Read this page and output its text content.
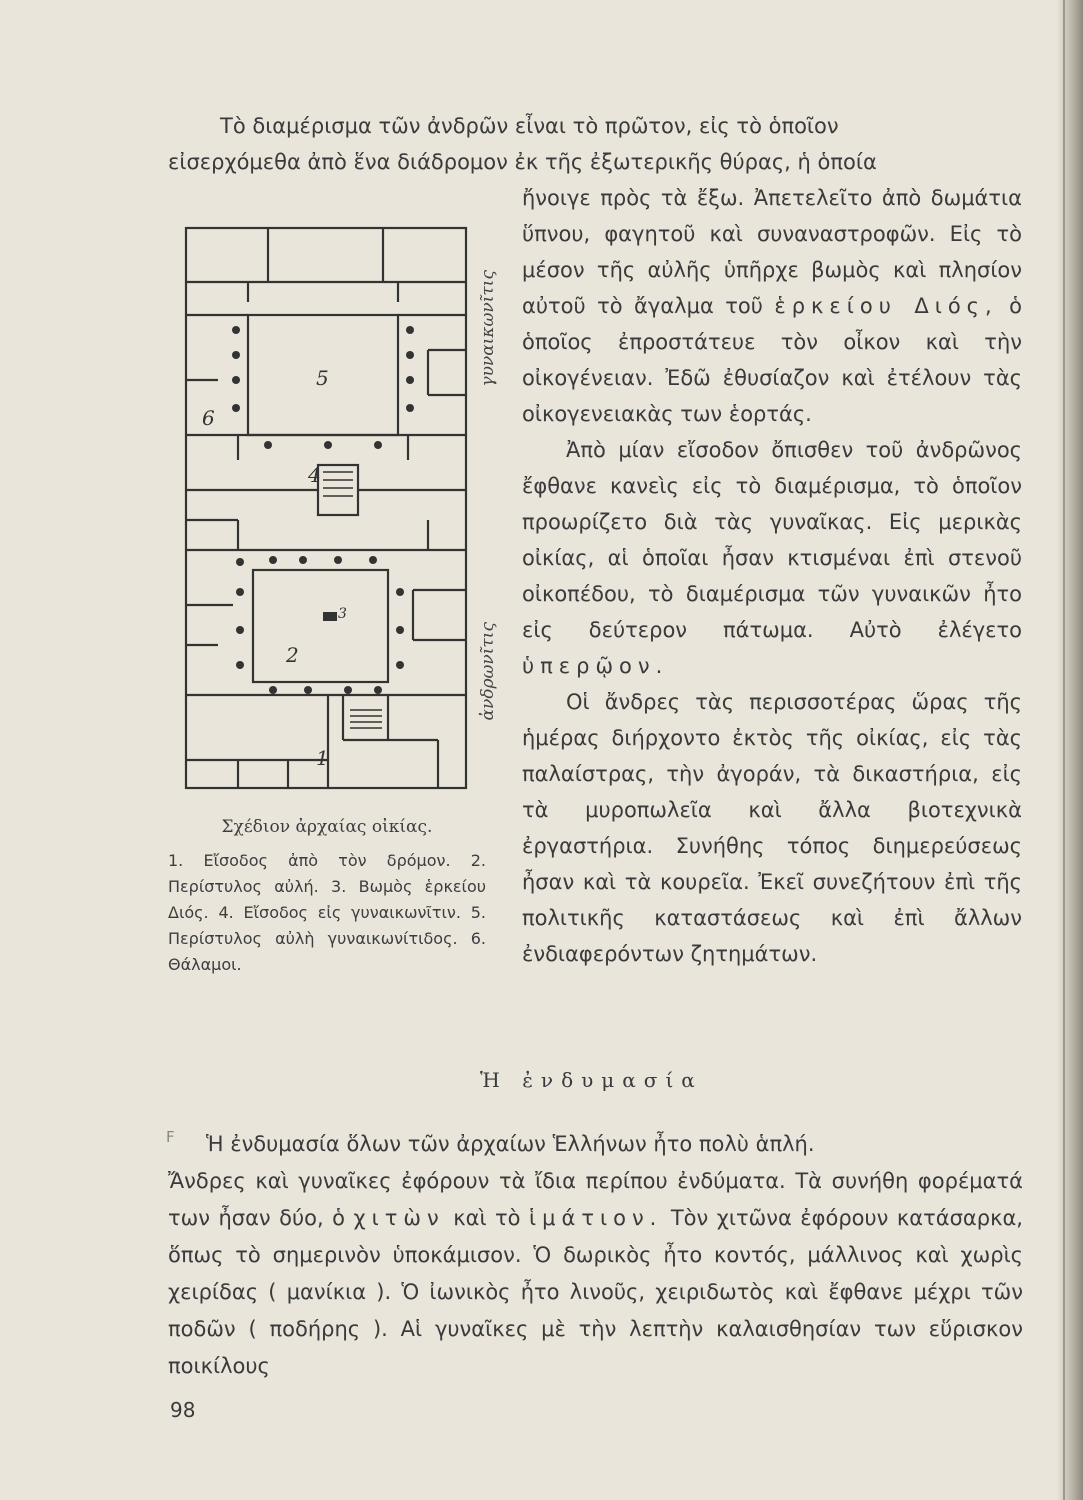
Τὸ διαμέρισμα τῶν ἀνδρῶν εἶναι τὸ πρῶτον, εἰς τὸ ὁποῖον
εἰσερχόμεθα ἀπὸ ἕνα διάδρομον ἐκ τῆς ἐξωτερικῆς θύρας, ἡ ὁποία
5
6
4
3
2
1
γυναικωνῖτις
ἀνδρωνῖτις

ἤνοιγε πρὸς τὰ ἔξω. Ἀπετελεῖτο ἀπὸ δωμάτια ὕπνου, φαγητοῦ καὶ συναναστροφῶν. Εἰς τὸ μέσον τῆς αὐλῆς ὑπῆρχε βωμὸς καὶ πλησίον αὐτοῦ τὸ ἄγαλμα τοῦ ἑρκείου Διός, ὁ ὁποῖος ἐπροστάτευε τὸν οἶκον καὶ τὴν οἰκογένειαν. Ἐδῶ ἐθυσίαζον καὶ ἐτέλουν τὰς οἰκογενειακὰς των ἑορτάς.

Ἀπὸ μίαν εἴσοδον ὄπισθεν τοῦ ἀνδρῶνος ἔφθανε κανεὶς εἰς τὸ διαμέρισμα, τὸ ὁποῖον προωρίζετο διὰ τὰς γυναῖκας. Εἰς μερικὰς οἰκίας, αἱ ὁποῖαι ἦσαν κτισμέναι ἐπὶ στενοῦ οἰκοπέδου, τὸ διαμέρισμα τῶν γυναικῶν ἦτο εἰς δεύτερον πάτωμα. Αὐτὸ ἐλέγετο ὑπερῷον.

Οἱ ἄνδρες τὰς περισσοτέρας ὥρας τῆς ἡμέρας διήρχοντο ἐκτὸς τῆς οἰκίας, εἰς τὰς παλαίστρας, τὴν ἀγοράν, τὰ δικαστήρια, εἰς τὰ μυροπωλεῖα καὶ ἄλλα βιοτεχνικὰ ἐργαστήρια. Συνήθης τόπος διημερεύσεως ἦσαν καὶ τὰ κουρεῖα. Ἐκεῖ συνεζήτουν ἐπὶ τῆς πολιτικῆς καταστάσεως καὶ ἐπὶ ἄλλων ἐνδιαφερόντων ζητημάτων.

Σχέδιον ἀρχαίας οἰκίας.
1. Εἴσοδος ἀπὸ τὸν δρόμον. 2. Περίστυλος αὐλή. 3. Βωμὸς ἑρκείου Διός. 4. Εἴσοδος εἰς γυναικωνῖτιν. 5. Περίστυλος αὐλὴ γυναικωνίτιδος. 6. Θάλαμοι.
Ἡ ἐνδυμασία
F	Ἡ ἐνδυμασία ὅλων τῶν ἀρχαίων Ἑλλήνων ἦτο πολὺ ἁπλή.
Ἄνδρες καὶ γυναῖκες ἐφόρουν τὰ ἴδια περίπου ἐνδύματα. Τὰ συνήθη φορέματά των ἦσαν δύο, ὁ χιτὼν καὶ τὸ ἱμάτιον. Τὸν χιτῶνα ἐφόρουν κατάσαρκα, ὅπως τὸ σημερινὸν ὑποκάμισον. Ὁ δωρικὸς ἦτο κοντός, μάλλινος καὶ χωρὶς χειρίδας ( μανίκια ). Ὁ ἰωνικὸς ἦτο λινοῦς, χειριδωτὸς καὶ ἔφθανε μέχρι τῶν ποδῶν ( ποδήρης ). Αἱ γυναῖκες μὲ τὴν λεπτὴν καλαισθησίαν των εὕρισκον ποικίλους
98
